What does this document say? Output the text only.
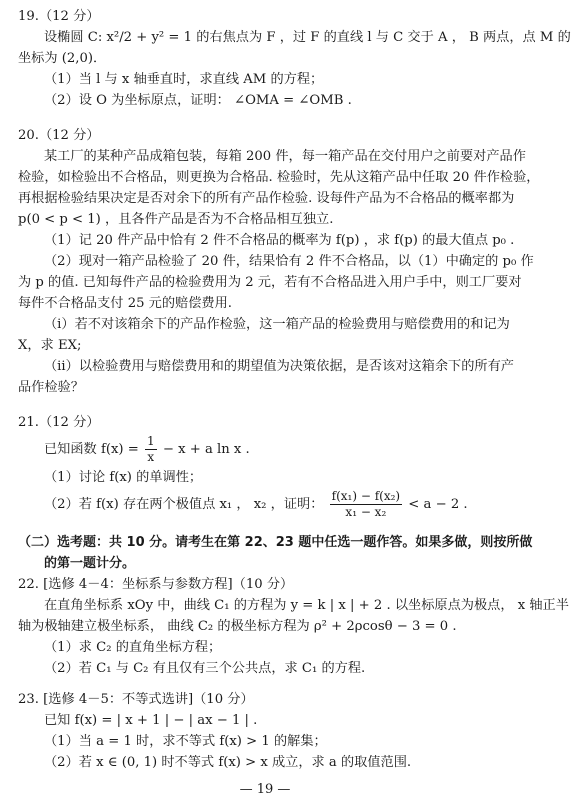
19.（12 分）
设椭圆 C: x²/2 + y² = 1 的右焦点为 F ，过 F 的直线 l 与 C 交于 A ， B 两点，点 M 的
坐标为 (2,0)．
（1）当 l 与 x 轴垂直时，求直线 AM 的方程；
（2）设 O 为坐标原点，证明： ∠OMA = ∠OMB .
20.（12 分）
某工厂的某种产品成箱包装，每箱 200 件，每一箱产品在交付用户之前要对产品作
检验，如检验出不合格品，则更换为合格品. 检验时，先从这箱产品中任取 20 件作检验，
再根据检验结果决定是否对余下的所有产品作检验. 设每件产品为不合格品的概率都为
p(0 < p < 1) ，且各件产品是否为不合格品相互独立.
（1）记 20 件产品中恰有 2 件不合格品的概率为 f(p) ，求 f(p) 的最大值点 p₀ .
（2）现对一箱产品检验了 20 件，结果恰有 2 件不合格品，以（1）中确定的 p₀ 作
为 p 的值. 已知每件产品的检验费用为 2 元，若有不合格品进入用户手中，则工厂要对
每件不合格品支付 25 元的赔偿费用.
（ⅰ）若不对该箱余下的产品作检验，这一箱产品的检验费用与赔偿费用的和记为
X，求 EX;
（ⅱ）以检验费用与赔偿费用和的期望值为决策依据，是否该对这箱余下的所有产
品作检验？
21.（12 分）
已知函数 $f(x) = \frac{1}{x} - x + a$ ln x .
（1）讨论 f(x) 的单调性；
（2）若 f(x) 存在两个极值点 x₁ ， x₂ ，证明： $\frac{\text{f(x₁) − f(x₂)}}{\text{x₁ − x₂}} < a - 2$ .
（二）选考题：共 10 分。请考生在第 22、23 题中任选一题作答。如果多做，则按所做
的第一题计分。
22. [选修 4－4：坐标系与参数方程]（10 分）
在直角坐标系 xOy 中，曲线 C₁ 的方程为 y = k | x | + 2 . 以坐标原点为极点， x 轴正半
轴为极轴建立极坐标系， 曲线 C₂ 的极坐标方程为 ρ² + 2ρcosθ − 3 = 0 .
（1）求 C₂ 的直角坐标方程；
（2）若 C₁ 与 C₂ 有且仅有三个公共点，求 C₁ 的方程.
23. [选修 4－5：不等式选讲]（10 分）
已知 f(x) = | x + 1 | − | ax − 1 | .
（1）当 a = 1 时，求不等式 f(x) > 1 的解集；
（2）若 x ∈ (0, 1) 时不等式 f(x) > x 成立，求 a 的取值范围.
— 19 —
